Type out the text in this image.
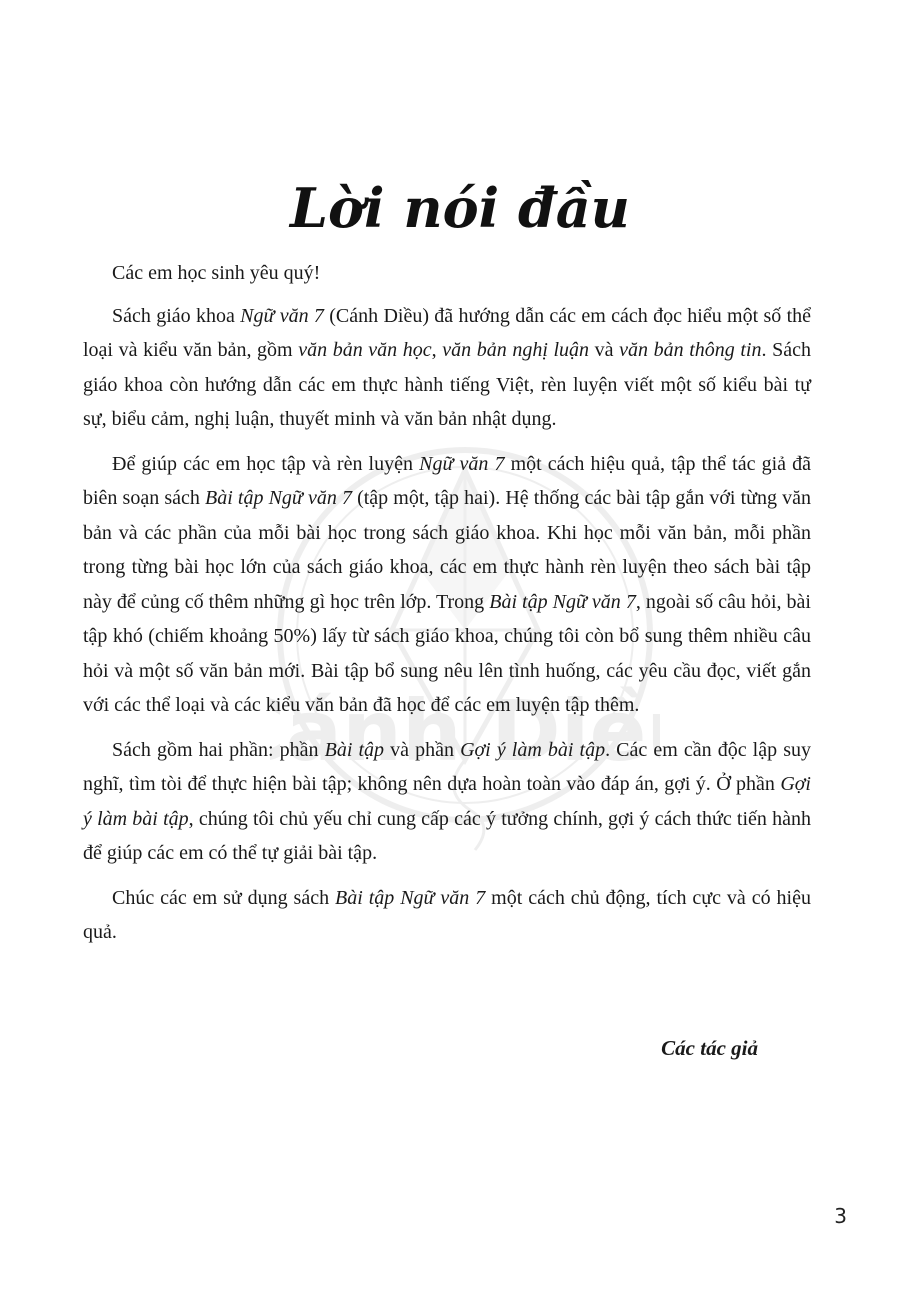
ánh Diề
Lời nói đầu

Các em học sinh yêu quý!

Sách giáo khoa Ngữ văn 7 (Cánh Diều) đã hướng dẫn các em cách đọc hiểu một số thể loại và kiểu văn bản, gồm văn bản văn học, văn bản nghị luận và văn bản thông tin. Sách giáo khoa còn hướng dẫn các em thực hành tiếng Việt, rèn luyện viết một số kiểu bài tự sự, biểu cảm, nghị luận, thuyết minh và văn bản nhật dụng.

Để giúp các em học tập và rèn luyện Ngữ văn 7 một cách hiệu quả, tập thể tác giả đã biên soạn sách Bài tập Ngữ văn 7 (tập một, tập hai). Hệ thống các bài tập gắn với từng văn bản và các phần của mỗi bài học trong sách giáo khoa. Khi học mỗi văn bản, mỗi phần trong từng bài học lớn của sách giáo khoa, các em thực hành rèn luyện theo sách bài tập này để củng cố thêm những gì học trên lớp. Trong Bài tập Ngữ văn 7, ngoài số câu hỏi, bài tập khó (chiếm khoảng 50%) lấy từ sách giáo khoa, chúng tôi còn bổ sung thêm nhiều câu hỏi và một số văn bản mới. Bài tập bổ sung nêu lên tình huống, các yêu cầu đọc, viết gắn với các thể loại và các kiểu văn bản đã học để các em luyện tập thêm.

Sách gồm hai phần: phần Bài tập và phần Gợi ý làm bài tập. Các em cần độc lập suy nghĩ, tìm tòi để thực hiện bài tập; không nên dựa hoàn toàn vào đáp án, gợi ý. Ở phần Gợi ý làm bài tập, chúng tôi chủ yếu chỉ cung cấp các ý tưởng chính, gợi ý cách thức tiến hành để giúp các em có thể tự giải bài tập.

Chúc các em sử dụng sách Bài tập Ngữ văn 7 một cách chủ động, tích cực và có hiệu quả.

Các tác giả
3
